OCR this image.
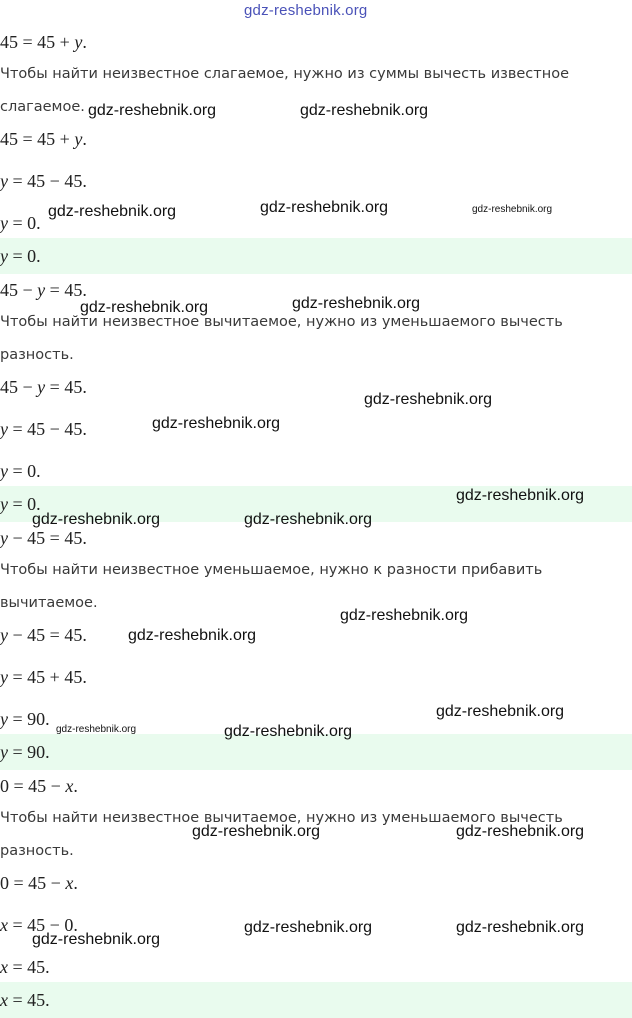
gdz-reshebnik.org
45 = 45 + y.
Чтобы найти неизвестное слагаемое, нужно из суммы вычесть известное
слагаемое.
45 = 45 + y.
y = 45 − 45.
y = 0.
y = 0.
45 − y = 45.
Чтобы найти неизвестное вычитаемое, нужно из уменьшаемого вычесть
разность.
45 − y = 45.
y = 45 − 45.
y = 0.
y = 0.
y − 45 = 45.
Чтобы найти неизвестное уменьшаемое, нужно к разности прибавить
вычитаемое.
y − 45 = 45.
y = 45 + 45.
y = 90.
y = 90.
0 = 45 − x.
Чтобы найти неизвестное вычитаемое, нужно из уменьшаемого вычесть
разность.
0 = 45 − x.
x = 45 − 0.
x = 45.
x = 45.
gdz-reshebnik.org	gdz-reshebnik.org
gdz-reshebnik.org	gdz-reshebnik.org	gdz-reshebnik.org
gdz-reshebnik.org	gdz-reshebnik.org
gdz-reshebnik.org
gdz-reshebnik.org
gdz-reshebnik.org
gdz-reshebnik.org	gdz-reshebnik.org
gdz-reshebnik.org
gdz-reshebnik.org
gdz-reshebnik.org
gdz-reshebnik.org	gdz-reshebnik.org
gdz-reshebnik.org	gdz-reshebnik.org
gdz-reshebnik.org	gdz-reshebnik.org
gdz-reshebnik.org
